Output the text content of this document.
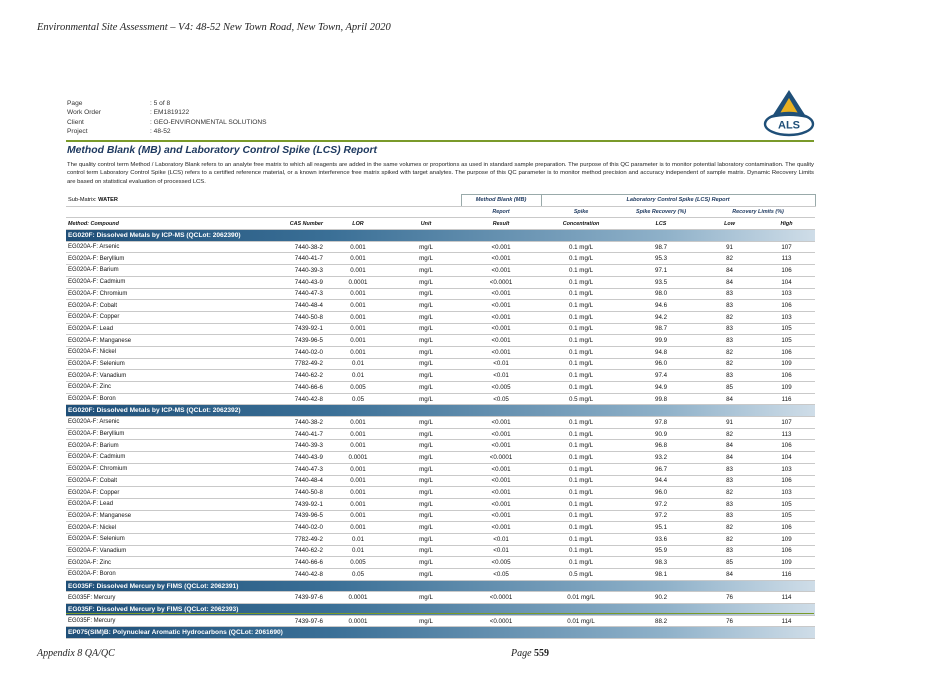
Environmental Site Assessment – V4: 48-52 New Town Road, New Town, April 2020
Page	: 5 of 8
Work Order	: EM1819122
Client	: GEO-ENVIRONMENTAL SOLUTIONS
Project	: 48-52
ALS
Method Blank (MB) and Laboratory Control Spike (LCS) Report
The quality control term Method / Laboratory Blank refers to an analyte free matrix to which all reagents are added in the same volumes or proportions as used in standard sample preparation. The purpose of this QC parameter is to monitor potential laboratory contamination. The quality control term Laboratory Control Spike (LCS) refers to a certified reference material, or a known interference free matrix spiked with target analytes. The purpose of this QC parameter is to monitor method precision and accuracy independent of sample matrix. Dynamic Recovery Limits are based on statistical evaluation of processed LCS.
Sub-Matrix: WATER				Method Blank (MB)	Laboratory Control Spike (LCS) Report			
				Report	Spike	Spike Recovery (%)	Recovery Limits (%)	
Method: Compound	CAS Number	LOR	Unit	Result	Concentration	LCS	Low	High
EG020F: Dissolved Metals by ICP-MS (QCLot: 2062390)								
EG020A-F: Arsenic	7440-38-2	0.001	mg/L	<0.001	0.1 mg/L	98.7	91	107
EG020A-F: Beryllium	7440-41-7	0.001	mg/L	<0.001	0.1 mg/L	95.3	82	113
EG020A-F: Barium	7440-39-3	0.001	mg/L	<0.001	0.1 mg/L	97.1	84	106
EG020A-F: Cadmium	7440-43-9	0.0001	mg/L	<0.0001	0.1 mg/L	93.5	84	104
EG020A-F: Chromium	7440-47-3	0.001	mg/L	<0.001	0.1 mg/L	98.0	83	103
EG020A-F: Cobalt	7440-48-4	0.001	mg/L	<0.001	0.1 mg/L	94.6	83	106
EG020A-F: Copper	7440-50-8	0.001	mg/L	<0.001	0.1 mg/L	94.2	82	103
EG020A-F: Lead	7439-92-1	0.001	mg/L	<0.001	0.1 mg/L	98.7	83	105
EG020A-F: Manganese	7439-96-5	0.001	mg/L	<0.001	0.1 mg/L	99.9	83	105
EG020A-F: Nickel	7440-02-0	0.001	mg/L	<0.001	0.1 mg/L	94.8	82	106
EG020A-F: Selenium	7782-49-2	0.01	mg/L	<0.01	0.1 mg/L	96.0	82	109
EG020A-F: Vanadium	7440-62-2	0.01	mg/L	<0.01	0.1 mg/L	97.4	83	106
EG020A-F: Zinc	7440-66-6	0.005	mg/L	<0.005	0.1 mg/L	94.9	85	109
EG020A-F: Boron	7440-42-8	0.05	mg/L	<0.05	0.5 mg/L	99.8	84	116
EG020F: Dissolved Metals by ICP-MS (QCLot: 2062392)								
EG020A-F: Arsenic	7440-38-2	0.001	mg/L	<0.001	0.1 mg/L	97.8	91	107
EG020A-F: Beryllium	7440-41-7	0.001	mg/L	<0.001	0.1 mg/L	90.9	82	113
EG020A-F: Barium	7440-39-3	0.001	mg/L	<0.001	0.1 mg/L	96.8	84	106
EG020A-F: Cadmium	7440-43-9	0.0001	mg/L	<0.0001	0.1 mg/L	93.2	84	104
EG020A-F: Chromium	7440-47-3	0.001	mg/L	<0.001	0.1 mg/L	96.7	83	103
EG020A-F: Cobalt	7440-48-4	0.001	mg/L	<0.001	0.1 mg/L	94.4	83	106
EG020A-F: Copper	7440-50-8	0.001	mg/L	<0.001	0.1 mg/L	96.0	82	103
EG020A-F: Lead	7439-92-1	0.001	mg/L	<0.001	0.1 mg/L	97.2	83	105
EG020A-F: Manganese	7439-96-5	0.001	mg/L	<0.001	0.1 mg/L	97.2	83	105
EG020A-F: Nickel	7440-02-0	0.001	mg/L	<0.001	0.1 mg/L	95.1	82	106
EG020A-F: Selenium	7782-49-2	0.01	mg/L	<0.01	0.1 mg/L	93.6	82	109
EG020A-F: Vanadium	7440-62-2	0.01	mg/L	<0.01	0.1 mg/L	95.9	83	106
EG020A-F: Zinc	7440-66-6	0.005	mg/L	<0.005	0.1 mg/L	98.3	85	109
EG020A-F: Boron	7440-42-8	0.05	mg/L	<0.05	0.5 mg/L	98.1	84	116
EG035F: Dissolved Mercury by FIMS (QCLot: 2062391)								
EG035F: Mercury	7439-97-6	0.0001	mg/L	<0.0001	0.01 mg/L	90.2	76	114
EG035F: Dissolved Mercury by FIMS (QCLot: 2062393)								
EG035F: Mercury	7439-97-6	0.0001	mg/L	<0.0001	0.01 mg/L	88.2	76	114
EP075(SIM)B: Polynuclear Aromatic Hydrocarbons (QCLot: 2061690)								
Appendix 8 QA/QC	Page 559
